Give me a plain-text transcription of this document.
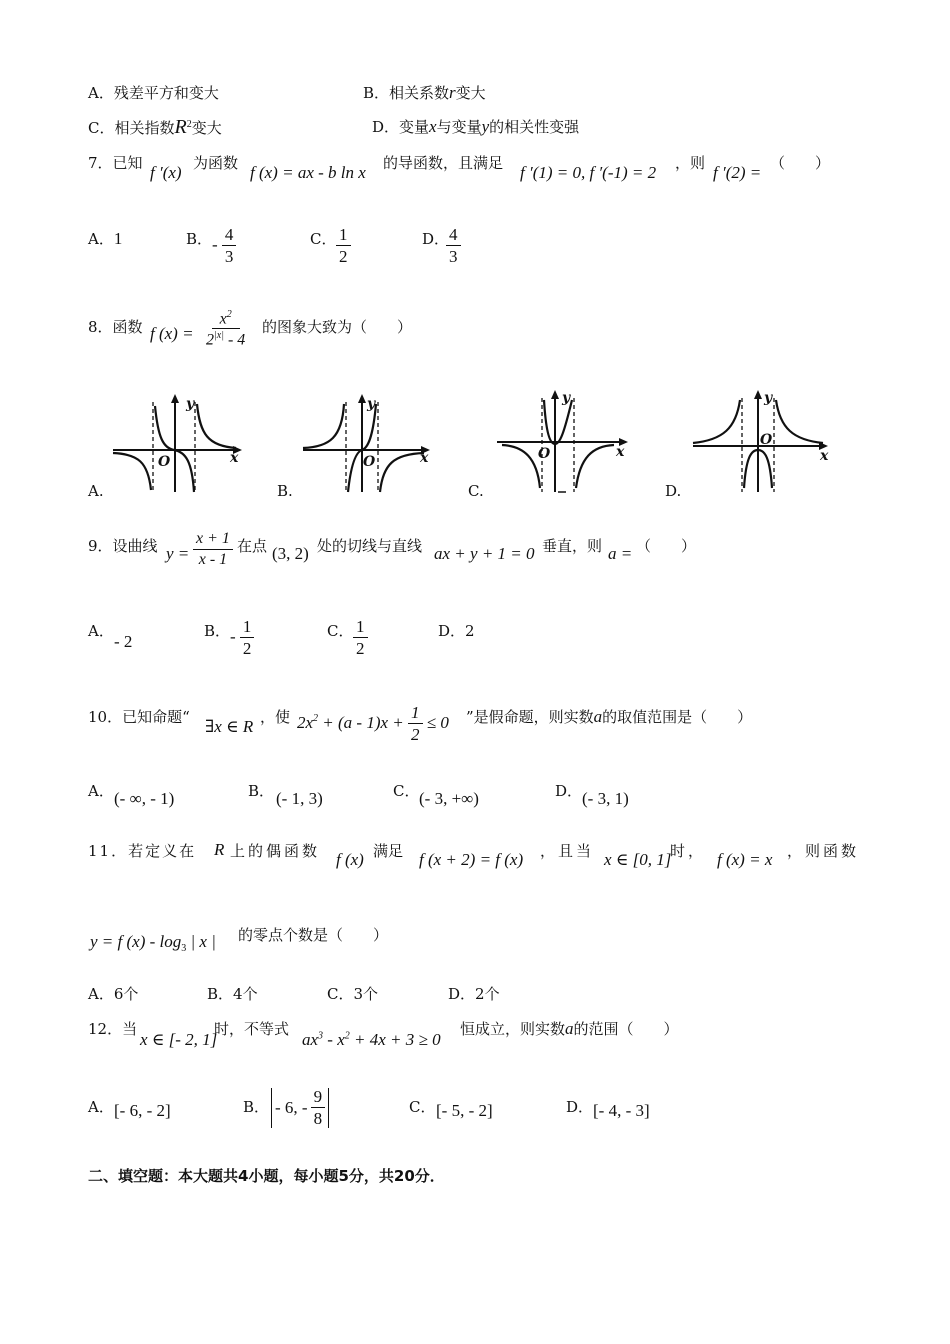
A．残差平方和变大	B．相关系数r变大
C．相关指数$R^2$变大	D．变量x与变量y的相关性变强
7．已知 f ′(x) 为函数 f (x) = ax - b ln x 的导函数，且满足 f ′(1) = 0, f ′(-1) = 2 ，则 f ′(2) = （　　）
A．1	B． - $\frac{4}{3}$	C． $\frac{1}{2}$	D．
$\frac{4}{3}$
8．函数 f $(x) = \frac{x^2}{2^{|x|} - 4}$ 的图象大致为（　　）
A.	B.	C.	D.
y
x
O
y
x
O
y
x
O
y
x
O
9．设曲线 $y = \frac{x + 1}{x - 1}$ 在点 (3, 2) 处的切线与直线 ax + y + 1 = 0 垂直，则 a = （　　）
A．
- 2
B． - $\frac{1}{2}$	C． $\frac{1}{2}$	D．2
10．已知命题“ ∃x ∈ R ，使 $2x^2 + (a - 1)x + \frac{1}{2} \le 0$ ”是假命题，则实数a的取值范围是（　　）
A． (- ∞, - 1)	B． (- 1, 3)	C． (- 3, +∞)	D． (- 3, 1)
11．若定义在 R 上的偶函数 f (x) 满足 f (x + 2) = f (x) ，且当 x ∈ [0, 1]
时， f (x) = x ，则函数
y = f $(x) - \log_3$ | x | 的零点个数是（　　）
A．6个	B．4个	C．3个	D．2个
12．当
x ∈ [- 2, 1]
时，不等式
$ax^3 - x^2 + 4x + 3 \ge 0$
恒成立，则实数a的范围（　　）
A． [- 6, - 2]	B． - 6, - $\frac{9}{8}$	C． [- 5, - 2]	D． [- 4, - 3]
二、填空题：本大题共4小题，每小题5分，共20分．
